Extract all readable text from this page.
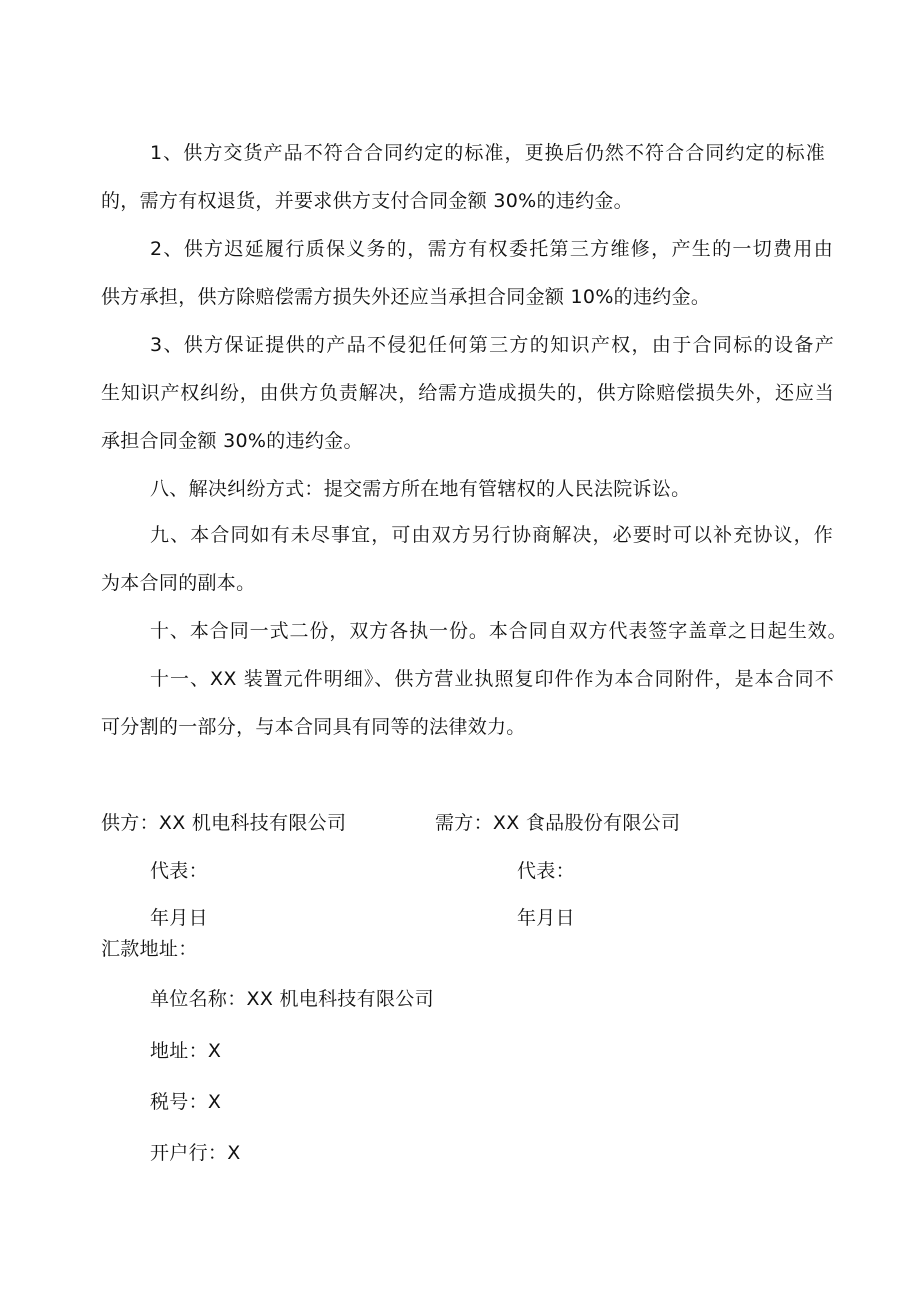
1、供方交货产品不符合合同约定的标准，更换后仍然不符合合同约定的标准
的，需方有权退货，并要求供方支付合同金额 30%的违约金。
2、供方迟延履行质保义务的，需方有权委托第三方维修，产生的一切费用由
供方承担，供方除赔偿需方损失外还应当承担合同金额 10%的违约金。
3、供方保证提供的产品不侵犯任何第三方的知识产权，由于合同标的设备产
生知识产权纠纷，由供方负责解决，给需方造成损失的，供方除赔偿损失外，还应当
承担合同金额 30%的违约金。
八、解决纠纷方式：提交需方所在地有管辖权的人民法院诉讼。
九、本合同如有未尽事宜，可由双方另行协商解决，必要时可以补充协议，作
为本合同的副本。
十、本合同一式二份，双方各执一份。本合同自双方代表签字盖章之日起生效。
十一、XX 装置元件明细》、供方营业执照复印件作为本合同附件，是本合同不
可分割的一部分，与本合同具有同等的法律效力。
供方：XX 机电科技有限公司	需方：XX 食品股份有限公司
代表：	代表：
年月日	年月日
汇款地址：
单位名称：XX 机电科技有限公司
地址：X
税号：X
开户行：X
